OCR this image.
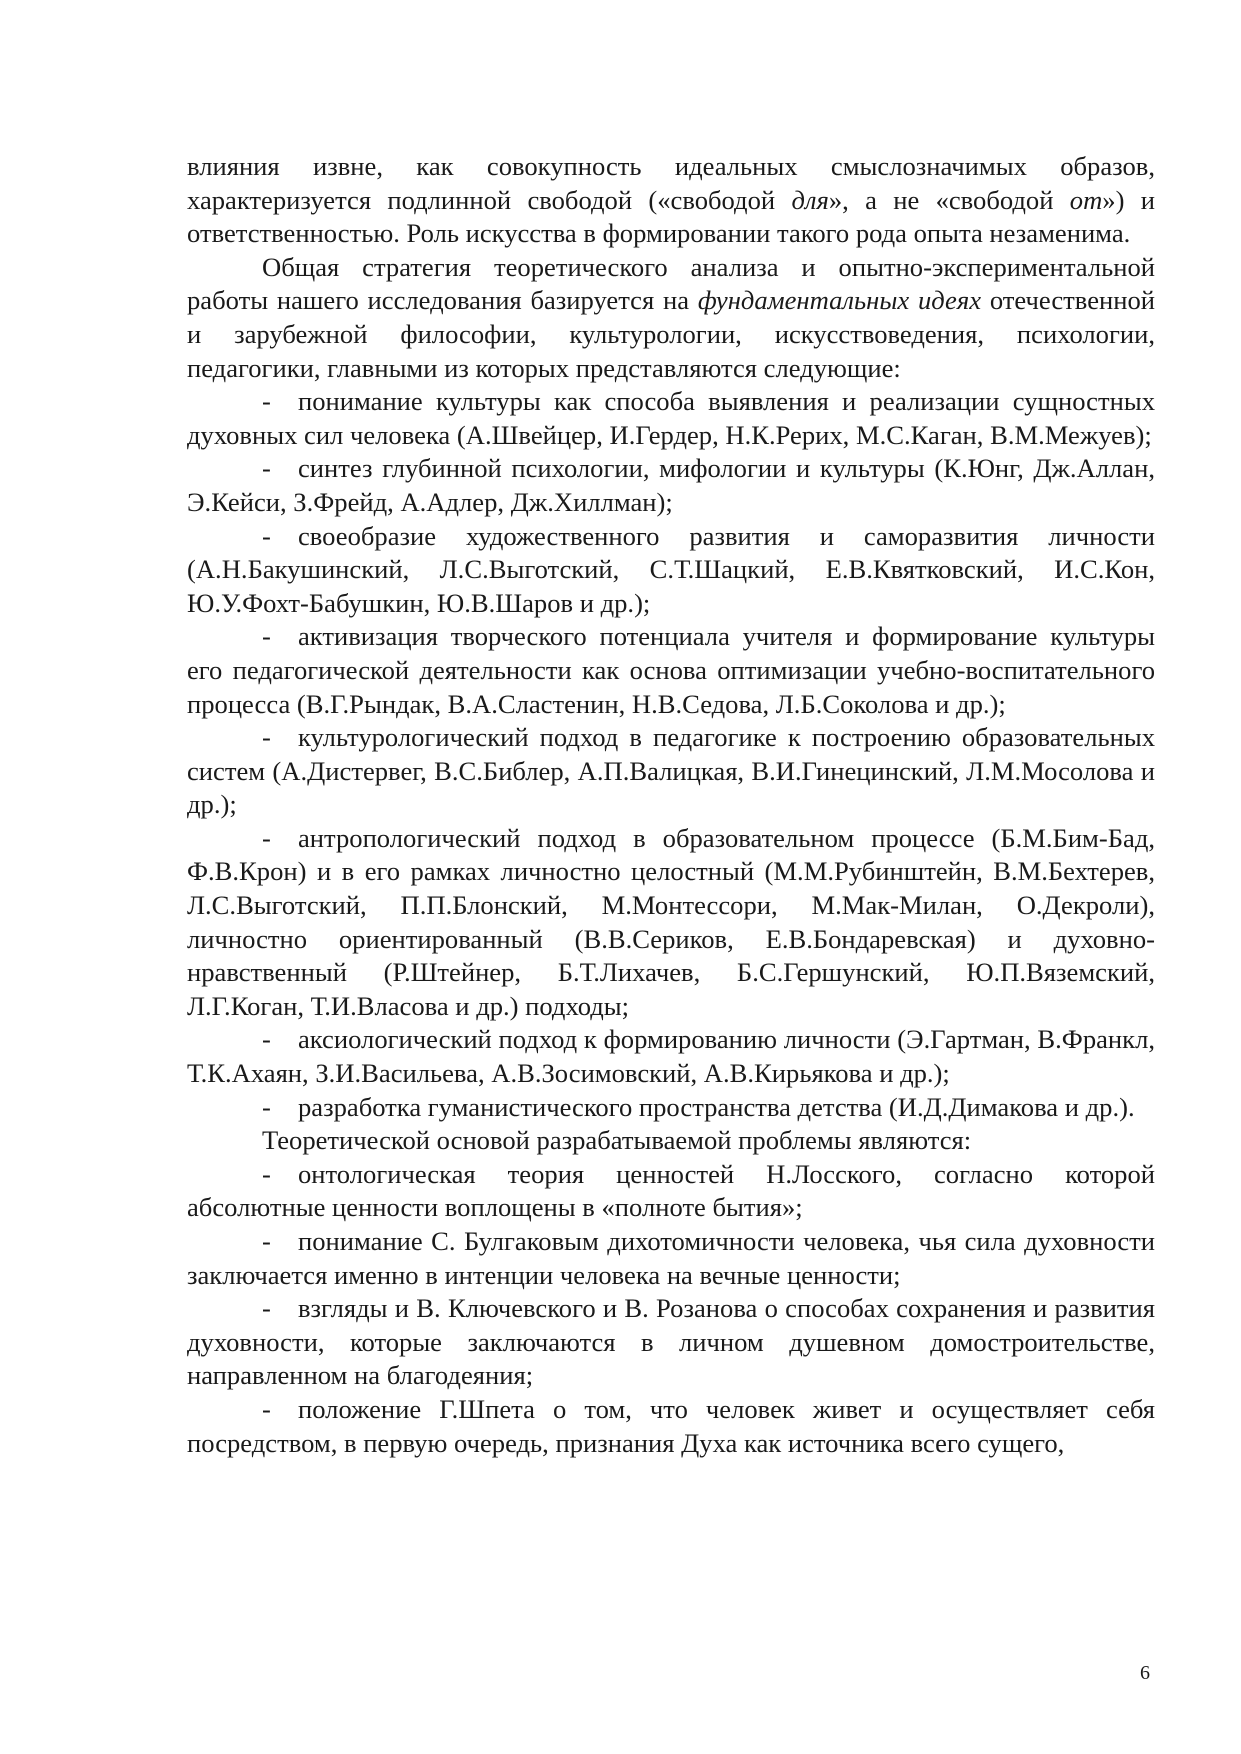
влияния извне, как совокупность идеальных смыслозначимых образов, характеризуется подлинной свободой («свободой для», а не «свободой от») и ответственностью. Роль искусства в формировании такого рода опыта незаменима.

Общая стратегия теоретического анализа и опытно-экспериментальной работы нашего исследования базируется на фундаментальных идеях отечественной и зарубежной философии, культурологии, искусствоведения, психологии, педагогики, главными из которых представляются следующие:

- понимание культуры как способа выявления и реализации сущностных духовных сил человека (А.Швейцер, И.Гердер, Н.К.Рерих, М.С.Каган, В.М.Межуев);

- синтез глубинной психологии, мифологии и культуры (К.Юнг, Дж.Аллан, Э.Кейси, З.Фрейд, А.Адлер, Дж.Хиллман);

- своеобразие художественного развития и саморазвития личности (А.Н.Бакушинский, Л.С.Выготский, С.Т.Шацкий, Е.В.Квятковский, И.С.Кон, Ю.У.Фохт-Бабушкин, Ю.В.Шаров и др.);

- активизация творческого потенциала учителя и формирование культуры его педагогической деятельности как основа оптимизации учебно-воспитательного процесса (В.Г.Рындак, В.А.Сластенин, Н.В.Седова, Л.Б.Соколова и др.);

- культурологический подход в педагогике к построению образовательных систем (А.Дистервег, В.С.Библер, А.П.Валицкая, В.И.Гинецинский, Л.М.Мосолова и др.);

- антропологический подход в образовательном процессе (Б.М.Бим-Бад, Ф.В.Крон) и в его рамках личностно целостный (М.М.Рубинштейн, В.М.Бехтерев, Л.С.Выготский, П.П.Блонский, М.Монтессори, М.Мак-Милан, О.Декроли), личностно ориентированный (В.В.Сериков, Е.В.Бондаревская) и духовно-нравственный (Р.Штейнер, Б.Т.Лихачев, Б.С.Гершунский, Ю.П.Вяземский, Л.Г.Коган, Т.И.Власова и др.) подходы;

- аксиологический подход к формированию личности (Э.Гартман, В.Франкл, Т.К.Ахаян, З.И.Васильева, А.В.Зосимовский, А.В.Кирьякова и др.);

- разработка гуманистического пространства детства (И.Д.Димакова и др.).

Теоретической основой разрабатываемой проблемы являются:

- онтологическая теория ценностей Н.Лосского, согласно которой абсолютные ценности воплощены в «полноте бытия»;

- понимание С. Булгаковым дихотомичности человека, чья сила духовности заключается именно в интенции человека на вечные ценности;

- взгляды и В. Ключевского и В. Розанова о способах сохранения и развития духовности, которые заключаются в личном душевном домостроительстве, направленном на благодеяния;

- положение Г.Шпета о том, что человек живет и осуществляет себя посредством, в первую очередь, признания Духа как источника всего сущего,

6
